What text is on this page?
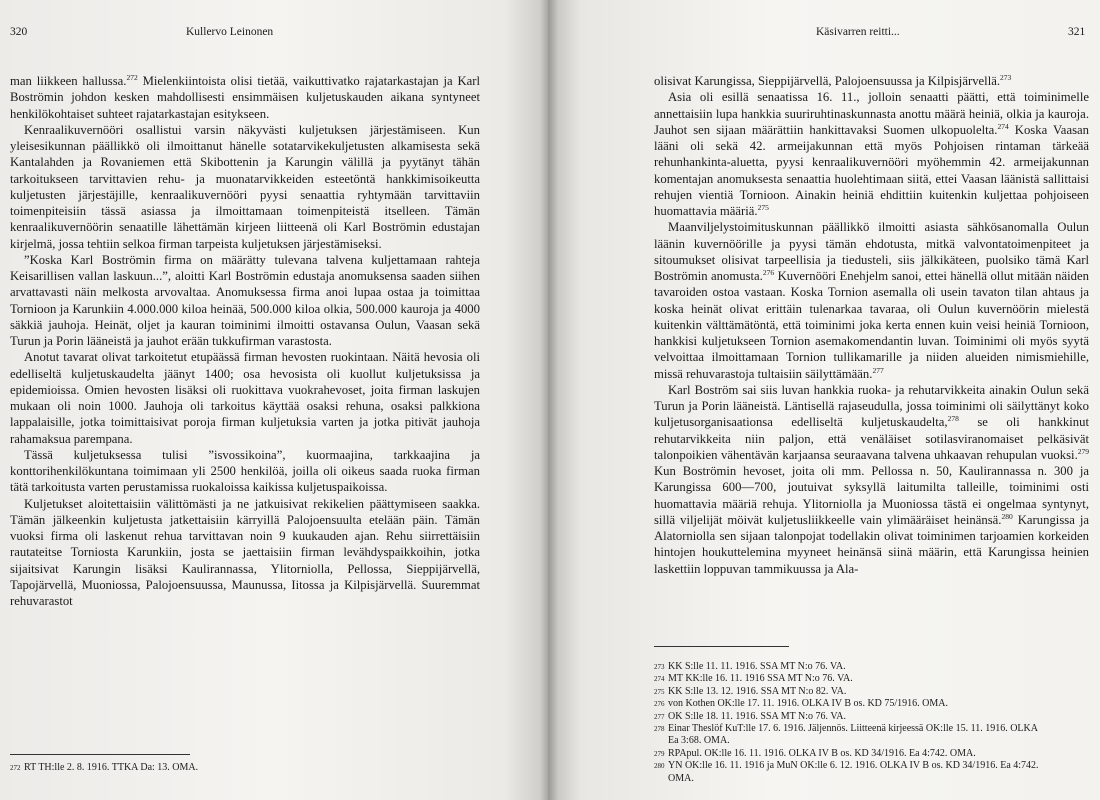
320	Kullervo Leinonen

man liikkeen hallussa.$^{272}$ Mielenkiintoista olisi tietää, vaikuttivatko rajatarkastajan ja Karl Boströmin johdon kesken mahdollisesti ensimmäisen kuljetuskauden aikana syntyneet henkilökohtaiset suhteet rajatarkastajan esitykseen.

Kenraalikuvernööri osallistui varsin näkyvästi kuljetuksen järjestämiseen. Kun yleisesikunnan päällikkö oli ilmoittanut hänelle sotatarvikekuljetusten alkamisesta sekä Kantalahden ja Rovaniemen että Skibottenin ja Karungin välillä ja pyytänyt tähän tarkoitukseen tarvittavien rehu- ja muonatarvikkeiden esteetöntä hankkimisoikeutta kuljetusten järjestäjille, kenraalikuvernööri pyysi senaattia ryhtymään tarvittaviin toimenpiteisiin tässä asiassa ja ilmoittamaan toimenpiteistä itselleen. Tämän kenraalikuvernöörin senaatille lähettämän kirjeen liitteenä oli Karl Boströmin edustajan kirjelmä, jossa tehtiin selkoa firman tarpeista kuljetuksen järjestämiseksi.

”Koska Karl Boströmin firma on määrätty tulevana talvena kuljettamaan rahteja Keisarillisen vallan laskuun...”, aloitti Karl Boströmin edustaja anomuksensa saaden siihen arvattavasti näin melkosta arvovaltaa. Anomuksessa firma anoi lupaa ostaa ja toimittaa Tornioon ja Karunkiin 4.000.000 kiloa heinää, 500.000 kiloa olkia, 500.000 kauroja ja 4000 säkkiä jauhoja. Heinät, oljet ja kauran toiminimi ilmoitti ostavansa Oulun, Vaasan sekä Turun ja Porin lääneistä ja jauhot erään tukkufirman varastosta.

Anotut tavarat olivat tarkoitetut etupäässä firman hevosten ruokintaan. Näitä hevosia oli edelliseltä kuljetuskaudelta jäänyt 1400; osa hevosista oli kuollut kuljetuksissa ja epidemioissa. Omien hevosten lisäksi oli ruokittava vuokrahevoset, joita firman laskujen mukaan oli noin 1000. Jauhoja oli tarkoitus käyttää osaksi rehuna, osaksi palkkiona lappalaisille, jotka toimittaisivat poroja firman kuljetuksia varten ja jotka pitivät jauhoja rahamaksua parempana.

Tässä kuljetuksessa tulisi ”isvossikoina”, kuormaajina, tarkkaajina ja konttorihenkilökuntana toimimaan yli 2500 henkilöä, joilla oli oikeus saada ruoka firman tätä tarkoitusta varten perustamissa ruokaloissa kaikissa kuljetuspaikoissa.

Kuljetukset aloitettaisiin välittömästi ja ne jatkuisivat rekikelien päättymiseen saakka. Tämän jälkeenkin kuljetusta jatkettaisiin kärryillä Palojoensuulta etelään päin. Tämän vuoksi firma oli laskenut rehua tarvittavan noin 9 kuukauden ajan. Rehu siirrettäisiin rautateitse Torniosta Karunkiin, josta se jaettaisiin firman levähdyspaikkoihin, jotka sijaitsivat Karungin lisäksi Kaulirannassa, Ylitorniolla, Pellossa, Sieppijärvellä, Tapojärvellä, Muoniossa, Palojoensuussa, Maunussa, Iitossa ja Kilpisjärvellä. Suuremmat rehuvarastot

272 RT TH:lle 2. 8. 1916. TTKA Da: 13. OMA.
Käsivarren reitti...	321

olisivat Karungissa, Sieppijärvellä, Palojoensuussa ja Kilpisjärvellä.$^{273}$

Asia oli esillä senaatissa 16. 11., jolloin senaatti päätti, että toiminimelle annettaisiin lupa hankkia suuriruhtinaskunnasta anottu määrä heiniä, olkia ja kauroja. Jauhot sen sijaan määrättiin hankittavaksi Suomen ulkopuolelta.$^{274}$ Koska Vaasan lääni oli sekä 42. armeijakunnan että myös Pohjoisen rintaman tärkeää rehunhankinta-aluetta, pyysi kenraalikuvernööri myöhemmin 42. armeijakunnan komentajan anomuksesta senaattia huolehtimaan siitä, ettei Vaasan läänistä sallittaisi rehujen vientiä Tornioon. Ainakin heiniä ehdittiin kuitenkin kuljettaa pohjoiseen huomattavia määriä.$^{275}$

Maanviljelystoimituskunnan päällikkö ilmoitti asiasta sähkösanomalla Oulun läänin kuvernöörille ja pyysi tämän ehdotusta, mitkä valvontatoimenpiteet ja sitoumukset olisivat tarpeellisia ja tiedusteli, siis jälkikäteen, puolsiko tämä Karl Boströmin anomusta.$^{276}$ Kuvernööri Enehjelm sanoi, ettei hänellä ollut mitään näiden tavaroiden ostoa vastaan. Koska Tornion asemalla oli usein tavaton tilan ahtaus ja koska heinät olivat erittäin tulenarkaa tavaraa, oli Oulun kuvernöörin mielestä kuitenkin välttämätöntä, että toiminimi joka kerta ennen kuin veisi heiniä Tornioon, hankkisi kuljetukseen Tornion asemakomendantin luvan. Toiminimi oli myös syytä velvoittaa ilmoittamaan Tornion tullikamarille ja niiden alueiden nimismiehille, missä rehuvarastoja tultaisiin säilyttämään.$^{277}$

Karl Boström sai siis luvan hankkia ruoka- ja rehutarvikkeita ainakin Oulun sekä Turun ja Porin lääneistä. Läntisellä rajaseudulla, jossa toiminimi oli säilyttänyt koko kuljetusorganisaationsa edelliseltä kuljetuskaudelta,$^{278}$ se oli hankkinut rehutarvikkeita niin paljon, että venäläiset sotilasviranomaiset pelkäsivät talonpoikien vähentävän karjaansa seuraavana talvena uhkaavan rehupulan vuoksi.$^{279}$ Kun Boströmin hevoset, joita oli mm. Pellossa n. 50, Kaulirannassa n. 300 ja Karungissa 600—700, joutuivat syksyllä laitumilta talleille, toiminimi osti huomattavia määriä rehuja. Ylitorniolla ja Muoniossa tästä ei ongelmaa syntynyt, sillä viljelijät möivät kuljetusliikkeelle vain ylimääräiset heinänsä.$^{280}$ Karungissa ja Alatorniolla sen sijaan talonpojat todellakin olivat toiminimen tarjoamien korkeiden hintojen houkuttelemina myyneet heinänsä siinä määrin, että Karungissa heinien laskettiin loppuvan tammikuussa ja Ala-

273 KK S:lle 11. 11. 1916. SSA MT N:o 76. VA.
274 MT KK:lle 16. 11. 1916 SSA MT N:o 76. VA.
275 KK S:lle 13. 12. 1916. SSA MT N:o 82. VA.
276 von Kothen OK:lle 17. 11. 1916. OLKA IV B os. KD 75/1916. OMA.
277 OK S:lle 18. 11. 1916. SSA MT N:o 76. VA.
278 Einar Theslöf KuT:lle 17. 6. 1916. Jäljennös. Liitteenä kirjeessä OK:lle 15. 11. 1916. OLKA
Ea 3:68. OMA.
279 RPApul. OK:lle 16. 11. 1916. OLKA IV B os. KD 34/1916. Ea 4:742. OMA.
280 YN OK:lle 16. 11. 1916 ja MuN OK:lle 6. 12. 1916. OLKA IV B os. KD 34/1916. Ea 4:742.
OMA.
